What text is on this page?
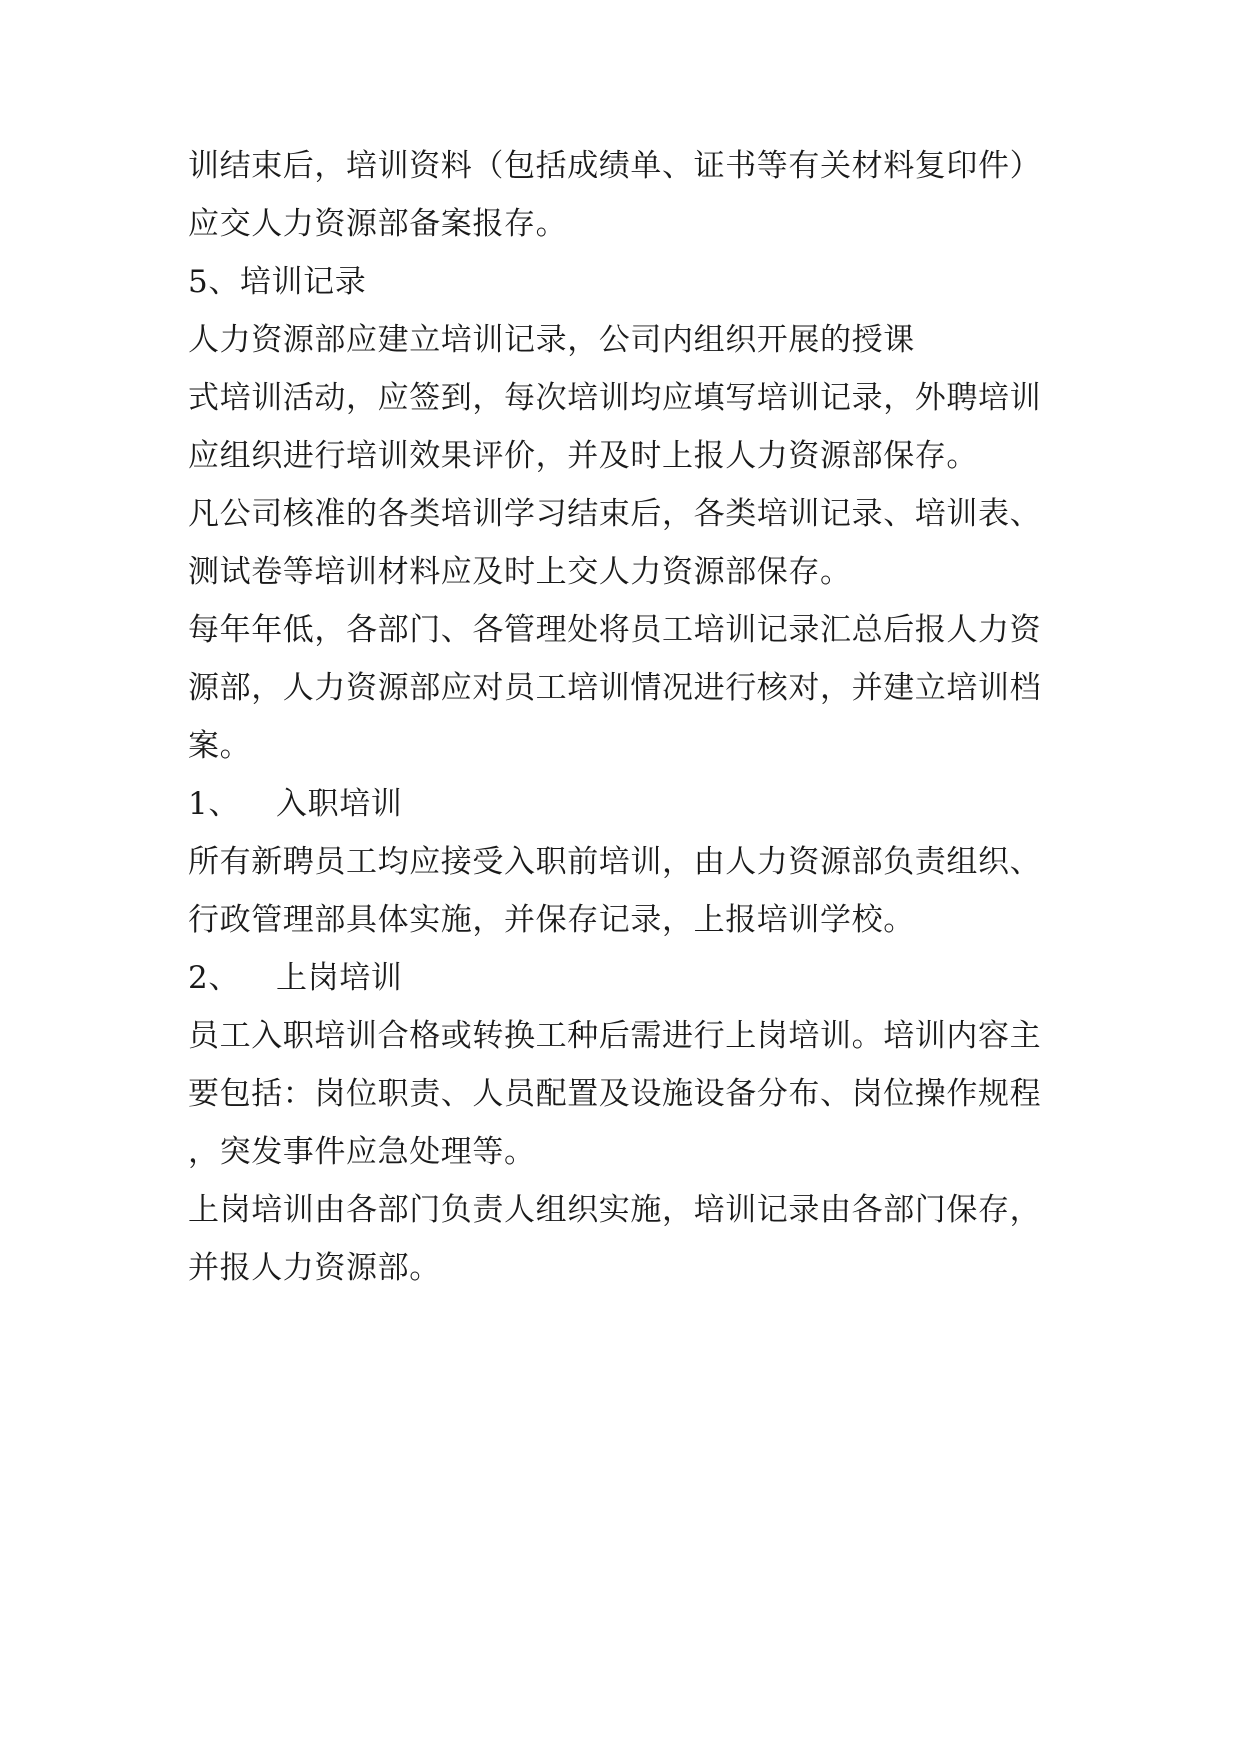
训结束后，培训资料（包括成绩单、证书等有关材料复印件）
应交人力资源部备案报存。
5、培训记录
人力资源部应建立培训记录，公司内组织开展的授课
式培训活动，应签到，每次培训均应填写培训记录，外聘培训
应组织进行培训效果评价，并及时上报人力资源部保存。
凡公司核准的各类培训学习结束后，各类培训记录、培训表、
测试卷等培训材料应及时上交人力资源部保存。
每年年低，各部门、各管理处将员工培训记录汇总后报人力资
源部，人力资源部应对员工培训情况进行核对，并建立培训档
案。
1、 入职培训
所有新聘员工均应接受入职前培训，由人力资源部负责组织、
行政管理部具体实施，并保存记录，上报培训学校。
2、 上岗培训
员工入职培训合格或转换工种后需进行上岗培训。培训内容主
要包括：岗位职责、人员配置及设施设备分布、岗位操作规程
，突发事件应急处理等。
上岗培训由各部门负责人组织实施，培训记录由各部门保存，
并报人力资源部。
